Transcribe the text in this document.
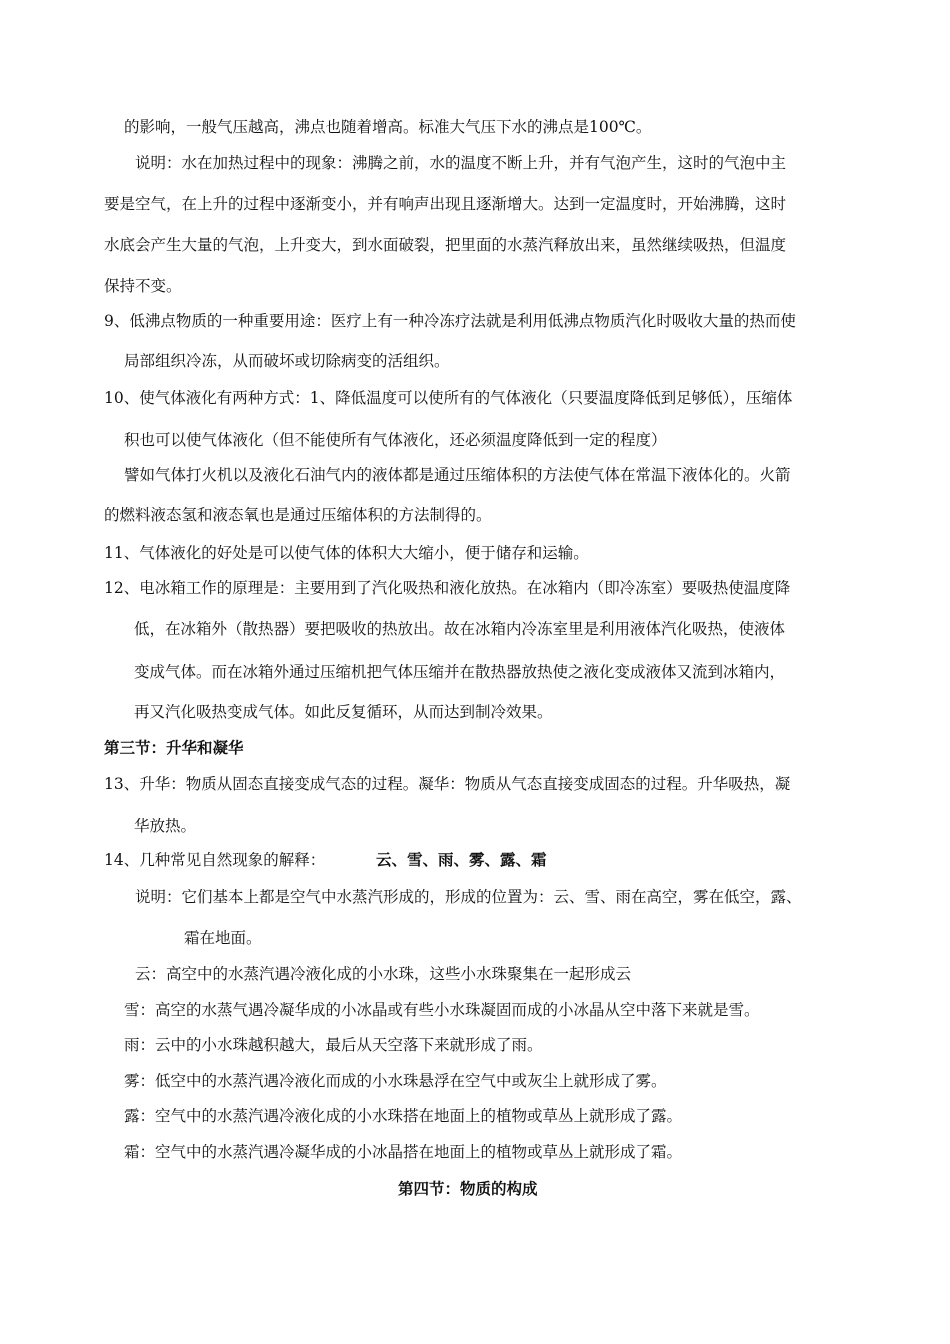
的影响，一般气压越高，沸点也随着增高。标准大气压下水的沸点是100℃。
说明：水在加热过程中的现象：沸腾之前，水的温度不断上升，并有气泡产生，这时的气泡中主
要是空气，在上升的过程中逐渐变小，并有响声出现且逐渐增大。达到一定温度时，开始沸腾，这时
水底会产生大量的气泡，上升变大，到水面破裂，把里面的水蒸汽释放出来，虽然继续吸热，但温度
保持不变。
9、低沸点物质的一种重要用途：医疗上有一种冷冻疗法就是利用低沸点物质汽化时吸收大量的热而使
局部组织冷冻，从而破坏或切除病变的活组织。
10、使气体液化有两种方式：1、降低温度可以使所有的气体液化（只要温度降低到足够低），压缩体
积也可以使气体液化（但不能使所有气体液化，还必须温度降低到一定的程度）
譬如气体打火机以及液化石油气内的液体都是通过压缩体积的方法使气体在常温下液体化的。火箭
的燃料液态氢和液态氧也是通过压缩体积的方法制得的。
11、气体液化的好处是可以使气体的体积大大缩小，便于储存和运输。
12、电冰箱工作的原理是：主要用到了汽化吸热和液化放热。在冰箱内（即冷冻室）要吸热使温度降
低，在冰箱外（散热器）要把吸收的热放出。故在冰箱内冷冻室里是利用液体汽化吸热，使液体
变成气体。而在冰箱外通过压缩机把气体压缩并在散热器放热使之液化变成液体又流到冰箱内，
再又汽化吸热变成气体。如此反复循环，从而达到制冷效果。
第三节：升华和凝华
13、升华：物质从固态直接变成气态的过程。凝华：物质从气态直接变成固态的过程。升华吸热，凝
华放热。
14、几种常见自然现象的解释：	云、雪、雨、雾、露、霜
说明：它们基本上都是空气中水蒸汽形成的，形成的位置为：云、雪、雨在高空，雾在低空，露、
霜在地面。
云：高空中的水蒸汽遇冷液化成的小水珠，这些小水珠聚集在一起形成云
雪：高空的水蒸气遇冷凝华成的小冰晶或有些小水珠凝固而成的小冰晶从空中落下来就是雪。
雨：云中的小水珠越积越大，最后从天空落下来就形成了雨。
雾：低空中的水蒸汽遇冷液化而成的小水珠悬浮在空气中或灰尘上就形成了雾。
露：空气中的水蒸汽遇冷液化成的小水珠搭在地面上的植物或草丛上就形成了露。
霜：空气中的水蒸汽遇冷凝华成的小冰晶搭在地面上的植物或草丛上就形成了霜。
第四节：物质的构成
